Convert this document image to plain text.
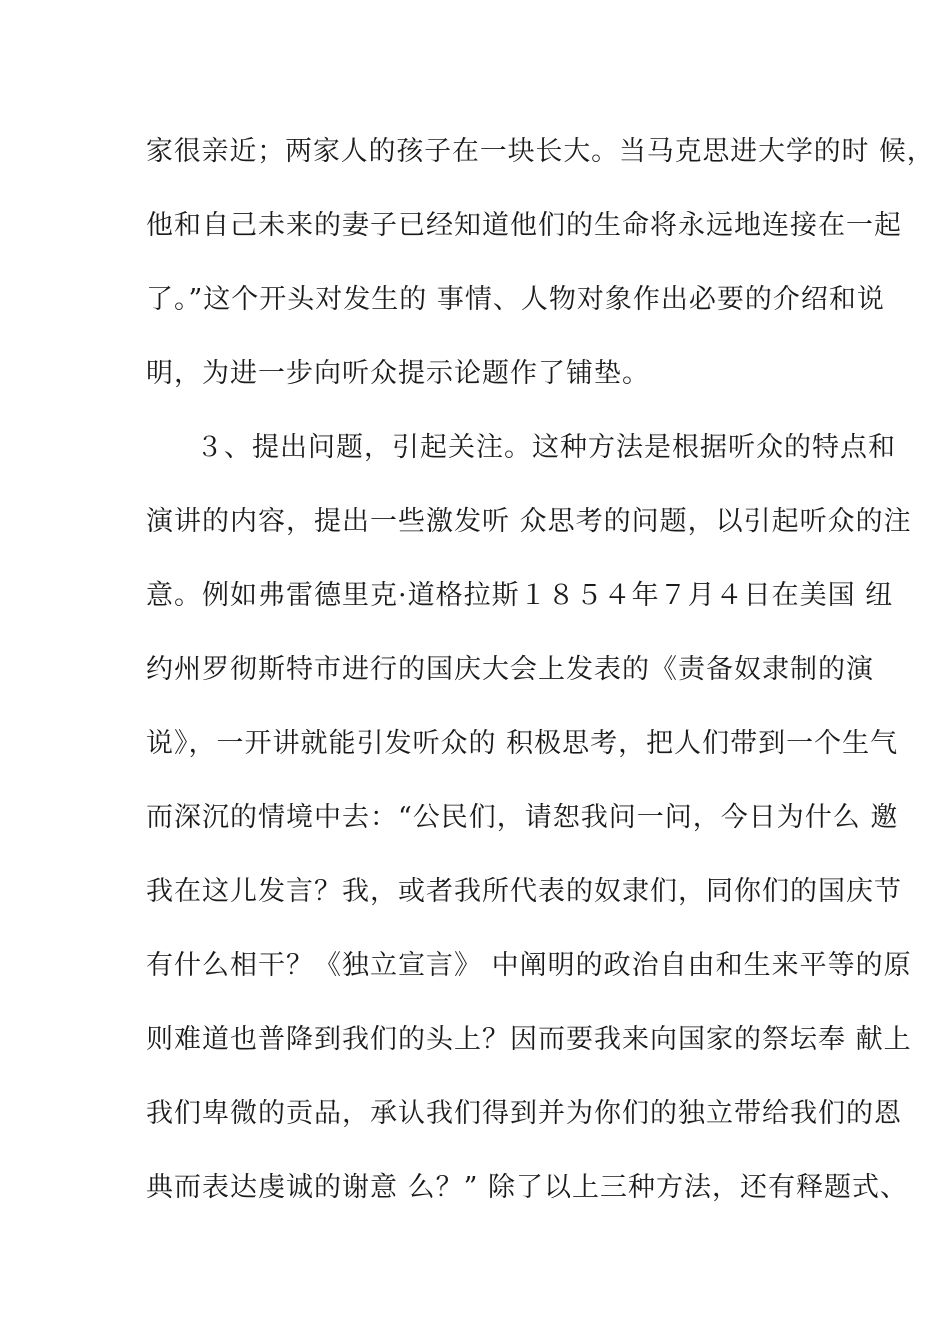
家很亲近；两家人的孩子在一块长大。当马克思进大学的时 候，
他和自己未来的妻子已经知道他们的生命将永远地连接在一起
了。”这个开头对发生的 事情、人物对象作出必要的介绍和说
明，为进一步向听众提示论题作了铺垫。
３、提出问题，引起关注。这种方法是根据听众的特点和
演讲的内容，提出一些激发听 众思考的问题，以引起听众的注
意。例如弗雷德里克·道格拉斯１８５４年７月４日在美国 纽
约州罗彻斯特市进行的国庆大会上发表的《责备奴隶制的演
说》，一开讲就能引发听众的 积极思考，把人们带到一个生气
而深沉的情境中去：“公民们，请恕我问一问，今日为什么 邀
我在这儿发言？我，或者我所代表的奴隶们，同你们的国庆节
有什么相干？《独立宣言》 中阐明的政治自由和生来平等的原
则难道也普降到我们的头上？因而要我来向国家的祭坛奉 献上
我们卑微的贡品，承认我们得到并为你们的独立带给我们的恩
典而表达虔诚的谢意 么？” 除了以上三种方法，还有释题式、
